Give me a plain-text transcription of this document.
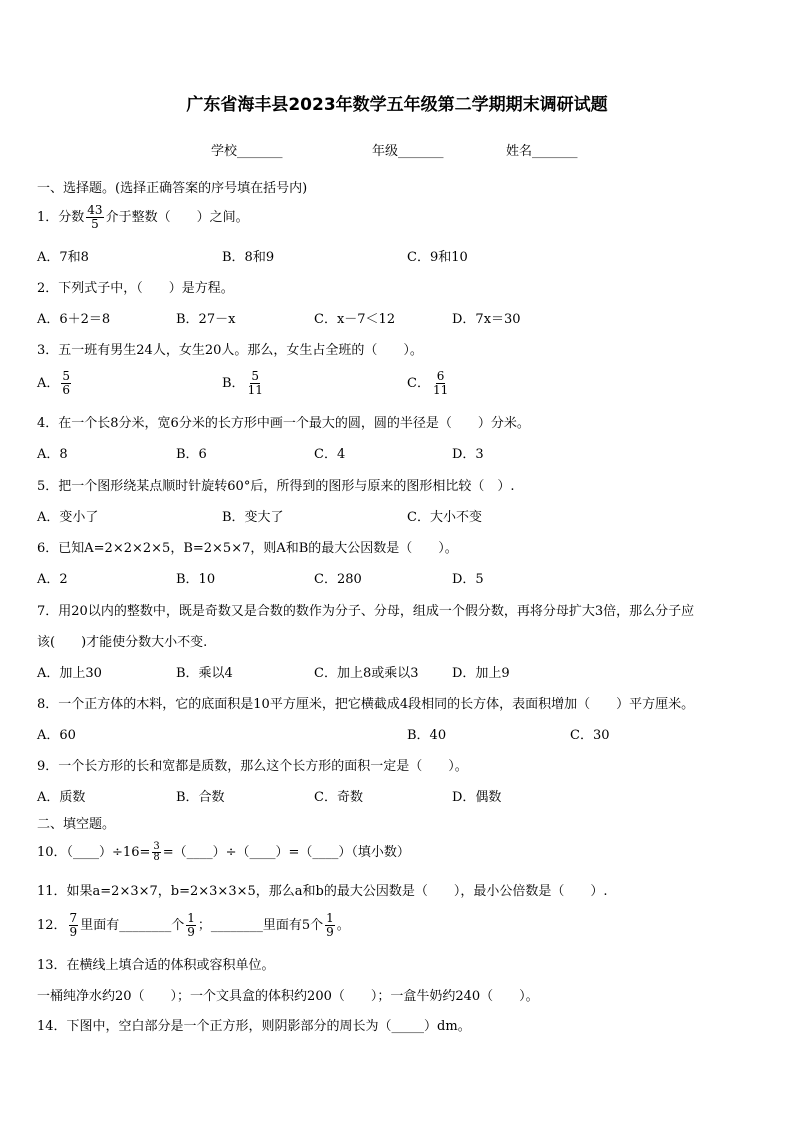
广东省海丰县2023年数学五年级第二学期期末调研试题
学校_______	年级_______	姓名_______
一、选择题。(选择正确答案的序号填在括号内)
1．分数 $\frac{43}{5}$ 介于整数（　　）之间。
A．7和8	B．8和9	C．9和10
2．下列式子中，（　　）是方程。
A．6＋2＝8	B．27－x	C．x－7＜12	D．7x＝30
3．五一班有男生24人，女生20人。那么，女生占全班的（　　）。
A． $\frac{5}{6}$	B． $\frac{5}{11}$	C． $\frac{6}{11}$
4．在一个长8分米，宽6分米的长方形中画一个最大的圆，圆的半径是（　　）分米。
A．8	B．6	C．4	D．3
5．把一个图形绕某点顺时针旋转60°后，所得到的图形与原来的图形相比较（　）.
A．变小了	B．变大了	C．大小不变
6．已知A=2×2×2×5，B=2×5×7，则A和B的最大公因数是（　　）。
A．2	B．10	C．280	D．5
7．用20以内的整数中，既是奇数又是合数的数作为分子、分母，组成一个假分数，再将分母扩大3倍，那么分子应
该(　　)才能使分数大小不变.
A．加上30	B．乘以4	C．加上8或乘以3	D．加上9
8．一个正方体的木料，它的底面积是10平方厘米，把它横截成4段相同的长方体，表面积增加（　　）平方厘米。
A．60	B．40	C．30
9．一个长方形的长和宽都是质数，那么这个长方形的面积一定是（　　）。
A．质数	B．合数	C．奇数	D．偶数
二、填空题。
10．（____）÷16= $\frac{3}{8}$ =（____）÷（____）=（____）（填小数）
11．如果a=2×3×7，b=2×3×3×5，那么a和b的最大公因数是（　　），最小公倍数是（　　）.
12． $\frac{7}{9}$ 里面有________个 $\frac{1}{9}$ ；________里面有5个 $\frac{1}{9}$ 。
13．在横线上填合适的体积或容积单位。
一桶纯净水约20（　　）；一个文具盒的体积约200（　　）；一盒牛奶约240（　　）。
14．下图中，空白部分是一个正方形，则阴影部分的周长为（_____）dm。
